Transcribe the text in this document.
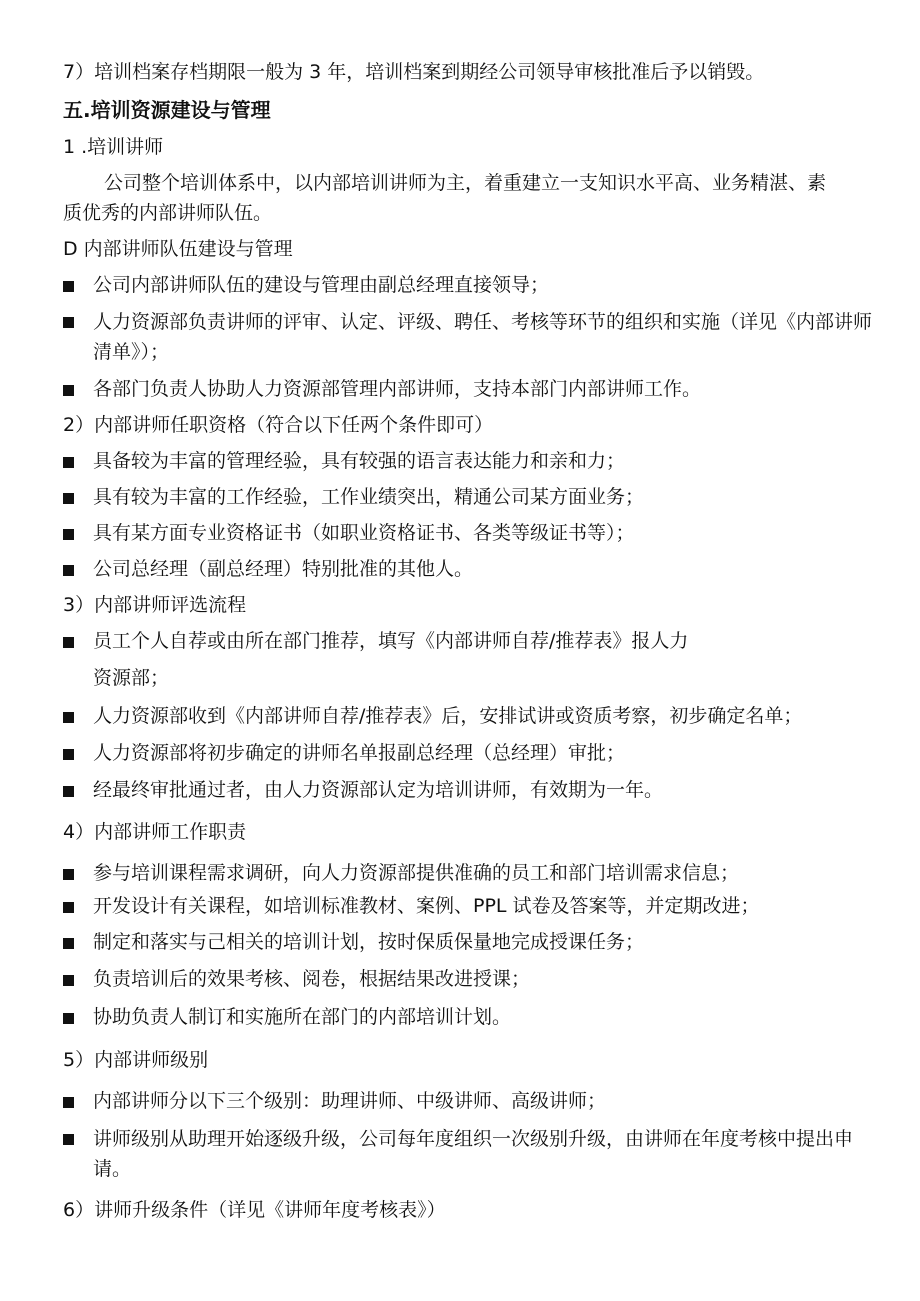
7）培训档案存档期限一般为 3 年，培训档案到期经公司领导审核批准后予以销毁。
五.培训资源建设与管理
1 .培训讲师
公司整个培训体系中，以内部培训讲师为主，着重建立一支知识水平高、业务精湛、素
质优秀的内部讲师队伍。
D 内部讲师队伍建设与管理
公司内部讲师队伍的建设与管理由副总经理直接领导；
人力资源部负责讲师的评审、认定、评级、聘任、考核等环节的组织和实施（详见《内部讲师清单》）；
各部门负责人协助人力资源部管理内部讲师，支持本部门内部讲师工作。
2）内部讲师任职资格（符合以下任两个条件即可）
具备较为丰富的管理经验，具有较强的语言表达能力和亲和力；
具有较为丰富的工作经验，工作业绩突出，精通公司某方面业务；
具有某方面专业资格证书（如职业资格证书、各类等级证书等）；
公司总经理（副总经理）特别批准的其他人。
3）内部讲师评选流程
员工个人自荐或由所在部门推荐，填写《内部讲师自荐/推荐表》报人力
资源部；
人力资源部收到《内部讲师自荐/推荐表》后，安排试讲或资质考察，初步确定名单；
人力资源部将初步确定的讲师名单报副总经理（总经理）审批；
经最终审批通过者，由人力资源部认定为培训讲师，有效期为一年。
4）内部讲师工作职责
参与培训课程需求调研，向人力资源部提供准确的员工和部门培训需求信息；
开发设计有关课程，如培训标准教材、案例、PPL 试卷及答案等，并定期改进；
制定和落实与己相关的培训计划，按时保质保量地完成授课任务；
负责培训后的效果考核、阅卷，根据结果改进授课；
协助负责人制订和实施所在部门的内部培训计划。
5）内部讲师级别
内部讲师分以下三个级别：助理讲师、中级讲师、高级讲师；
讲师级别从助理开始逐级升级，公司每年度组织一次级别升级，由讲师在年度考核中提出申请。
6）讲师升级条件（详见《讲师年度考核表》）
